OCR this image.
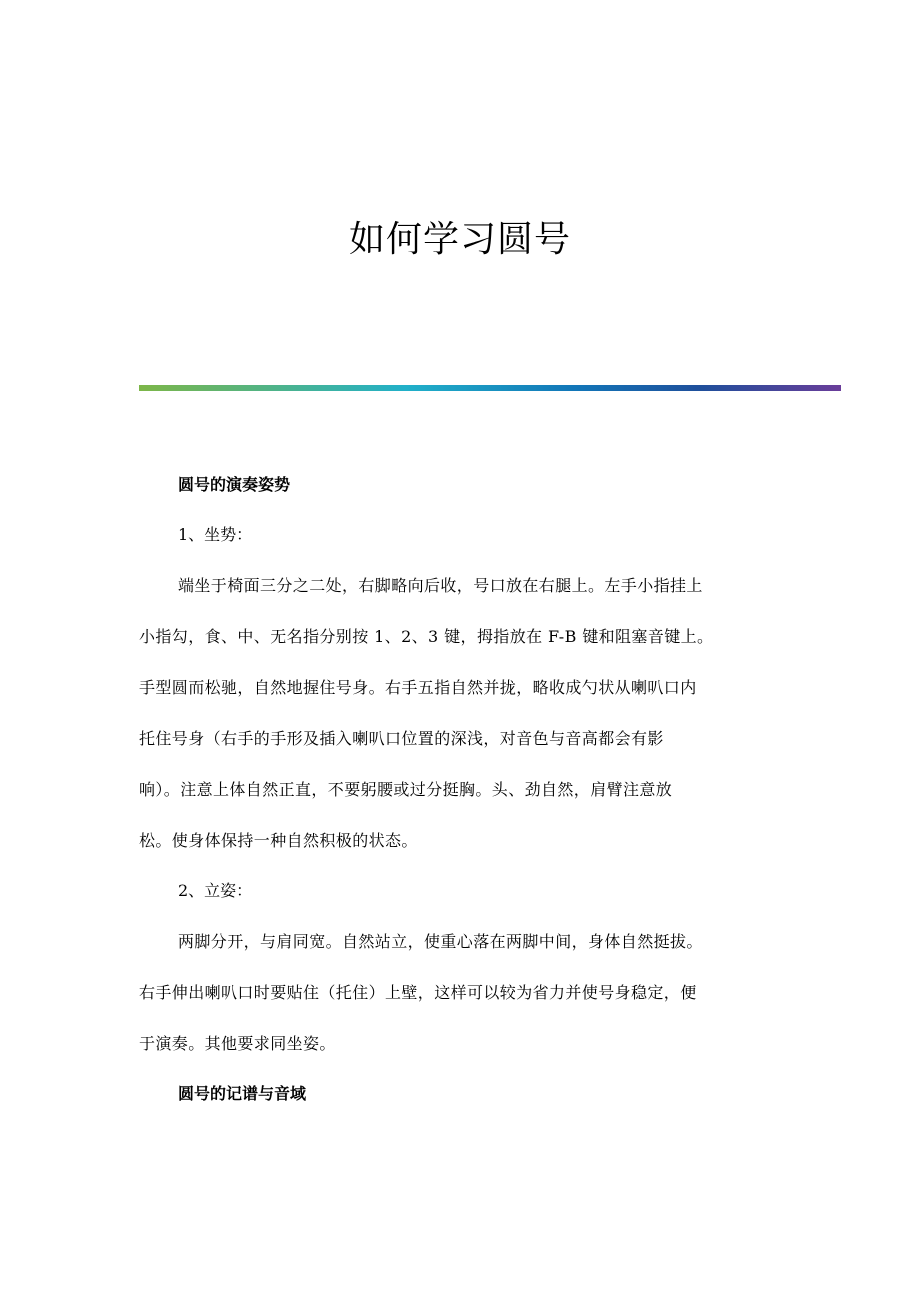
如何学习圆号

圆号的演奏姿势

1、坐势：

端坐于椅面三分之二处，右脚略向后收，号口放在右腿上。左手小指挂上
小指勾，食、中、无名指分别按 1、2、3 键，拇指放在 F-B 键和阻塞音键上。
手型圆而松驰，自然地握住号身。右手五指自然并拢，略收成勺状从喇叭口内
托住号身（右手的手形及插入喇叭口位置的深浅，对音色与音高都会有影
响）。注意上体自然正直，不要躬腰或过分挺胸。头、劲自然，肩臂注意放
松。使身体保持一种自然积极的状态。

2、立姿：

两脚分开，与肩同宽。自然站立，使重心落在两脚中间，身体自然挺拔。
右手伸出喇叭口时要贴住（托住）上壁，这样可以较为省力并使号身稳定，便
于演奏。其他要求同坐姿。

圆号的记谱与音域
